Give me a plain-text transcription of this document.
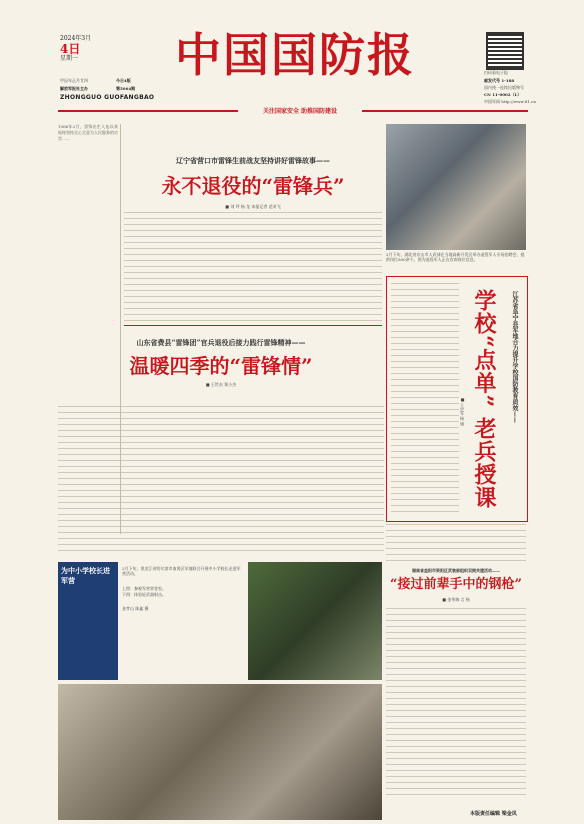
2024年3月
4日
星期一
甲辰年正月廿四	今日4版
解放军报社主办	第5064期
ZHONGGUO GUOFANGBAO
中国国防报	扫码看电子报
邮发代号 1-188
国内统一连续出版物号
CN 11-0002（L）
中国军网 http://www.81.cn
关注国家安全 助推国防建设
1966年2月，雷锋出生入伍以来始终坚持全心全意为人民服务的宗旨……
辽宁省营口市雷锋生前战友坚持讲好雷锋故事——
永不退役的“雷锋兵”
■ 刘 坪 杨 龙 本报记者 范奇飞
2月下旬，湖北省京山市人武部在当地高新开发区举办退役军人专场招聘会，提供岗位500余个。图为退役军人正在咨询岗位信息。
山东省费县“雷锋团”官兵退役后接力践行雷锋精神——
温暖四季的“雷锋情”
■ 王世东 郑小杰	学校“点单” 老兵授课 江苏省阜宁县军地合力提升学校国防教育质效——
■ 王定军 杨 建
为中小学校长进军营
2月下旬，黑龙江省哈尔滨市南岗区军地联合开展中小学校长走进军营活动。
上图：参观军营荣誉室。
下图：体验轻武器射击。
金孝山 陈鑫 摄
湖南省益阳市资阳区武装部组织双拥共建活动——
“接过前辈手中的钢枪”
■ 金华瑞 言 杨
本版责任编辑 梁金凤
